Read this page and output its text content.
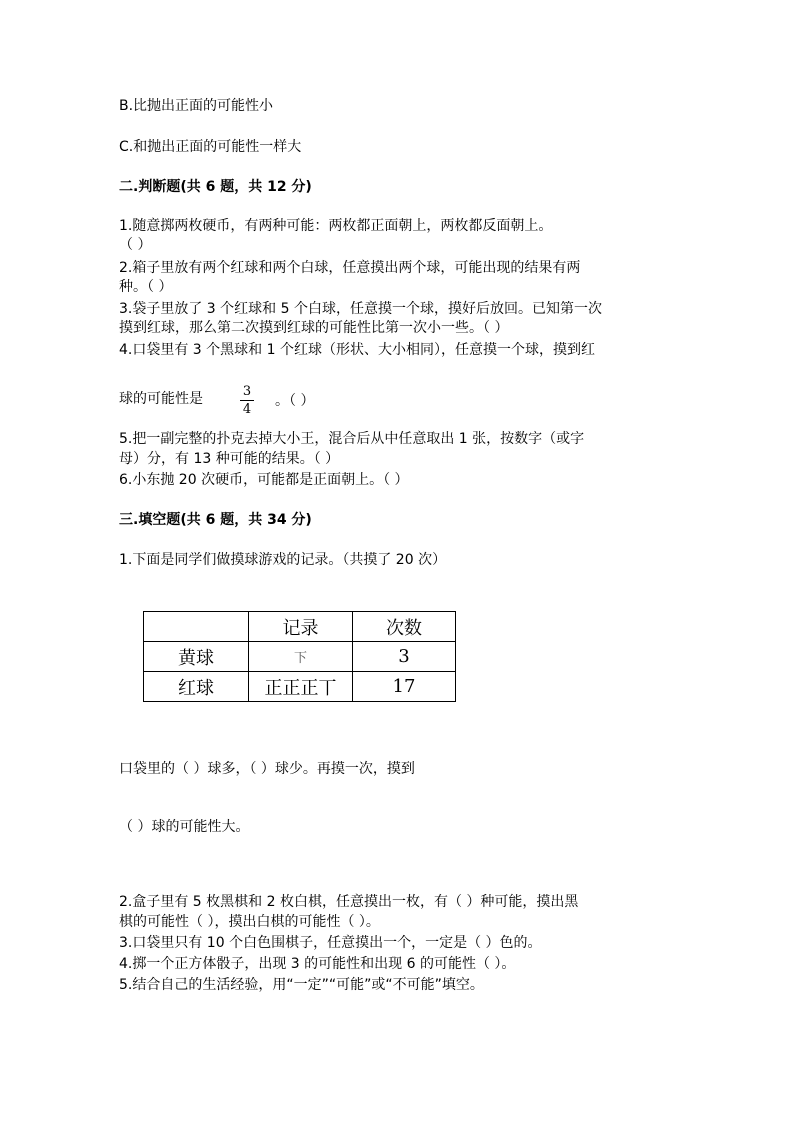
B.比抛出正面的可能性小
C.和抛出正面的可能性一样大
二.判断题(共 6 题，共 12 分)
1.随意掷两枚硬币，有两种可能：两枚都正面朝上，两枚都反面朝上。
（ ）
2.箱子里放有两个红球和两个白球，任意摸出两个球，可能出现的结果有两
种。（ ）
3.袋子里放了 3 个红球和 5 个白球，任意摸一个球，摸好后放回。已知第一次
摸到红球，那么第二次摸到红球的可能性比第一次小一些。（ ）
4.口袋里有 3 个黑球和 1 个红球（形状、大小相同），任意摸一个球，摸到红
球的可能性是	3
4
。（ ）
5.把一副完整的扑克去掉大小王，混合后从中任意取出 1 张，按数字（或字
母）分，有 13 种可能的结果。（ ）
6.小东抛 20 次硬币，可能都是正面朝上。（ ）
三.填空题(共 6 题，共 34 分)
1.下面是同学们做摸球游戏的记录。（共摸了 20 次）
	记录	次数
黄球	下	3
红球	正正正丅	17
口袋里的（ ）球多，（ ）球少。再摸一次，摸到
（ ）球的可能性大。
2.盒子里有 5 枚黑棋和 2 枚白棋，任意摸出一枚，有（ ）种可能，摸出黑
棋的可能性（ ），摸出白棋的可能性（ ）。
3.口袋里只有 10 个白色围棋子，任意摸出一个，一定是（ ）色的。
4.掷一个正方体骰子，出现 3 的可能性和出现 6 的可能性（ ）。
5.结合自己的生活经验，用“一定”“可能”或“不可能”填空。
